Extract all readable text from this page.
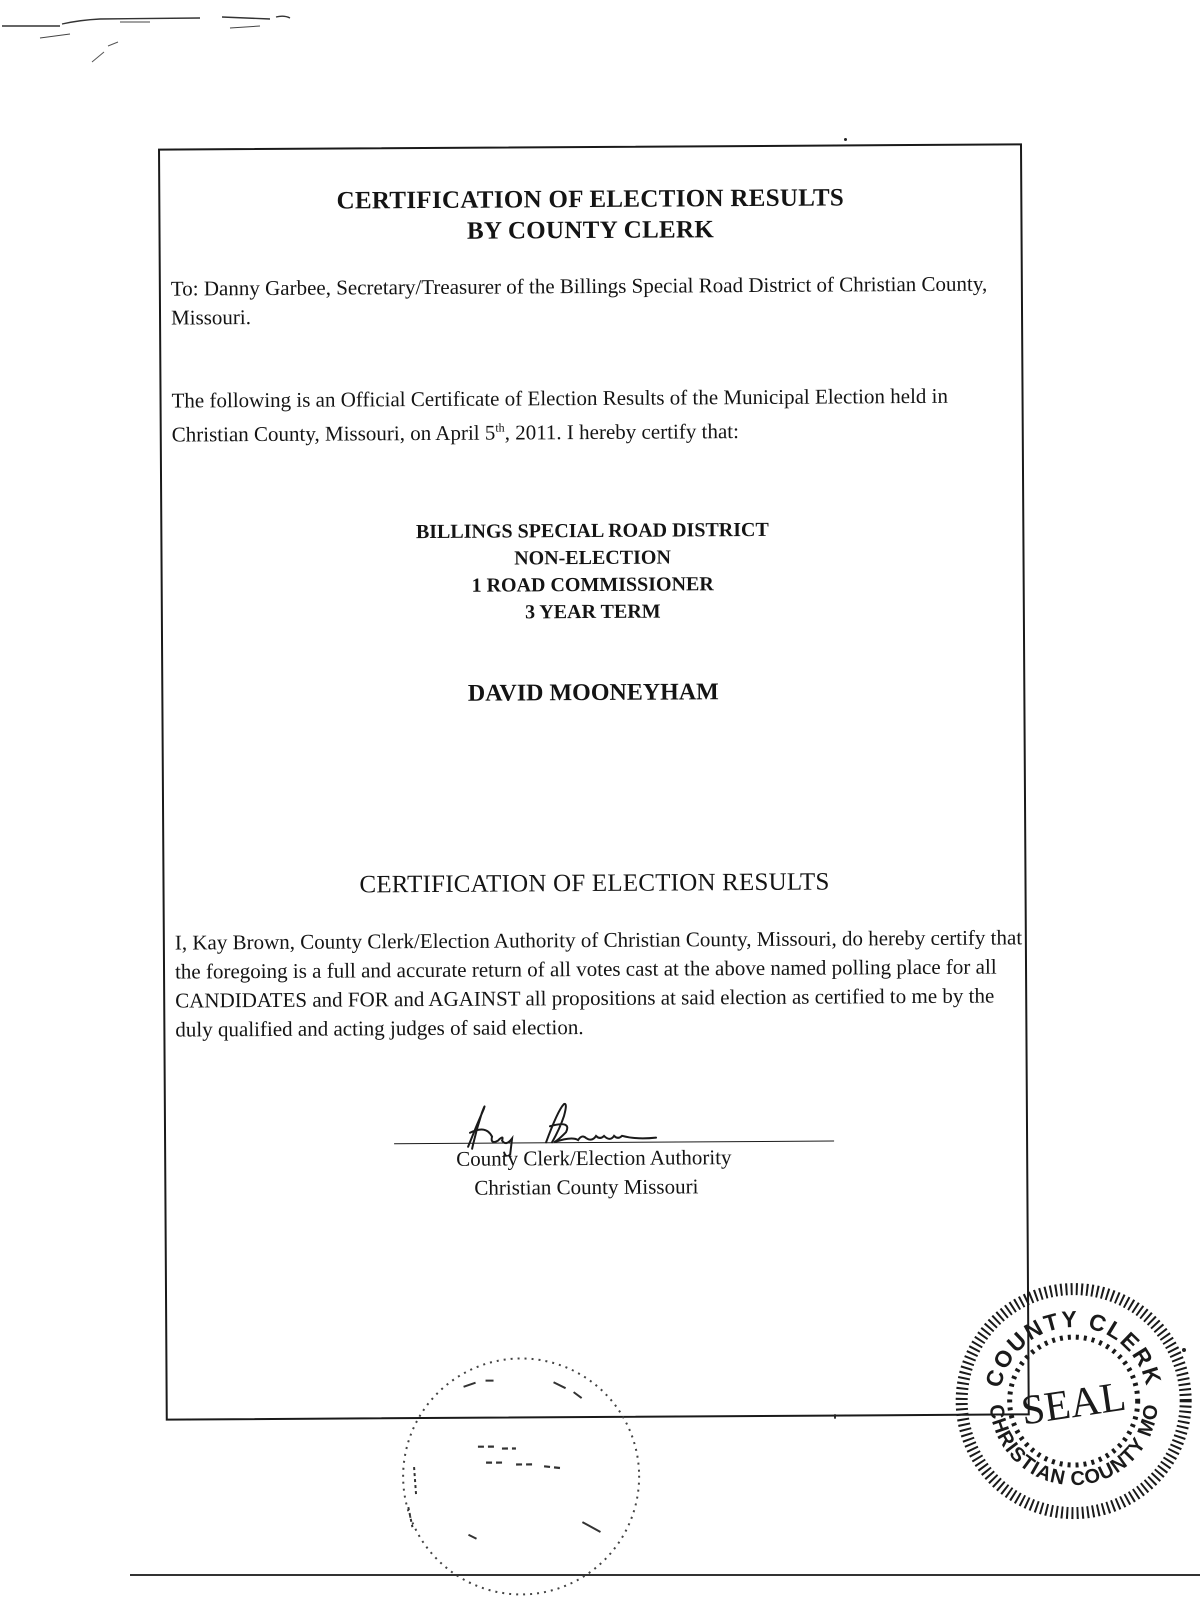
CERTIFICATION OF ELECTION RESULTS
BY COUNTY CLERK
To: Danny Garbee, Secretary/Treasurer of the Billings Special Road District of Christian County, Missouri.
The following is an Official Certificate of Election Results of the Municipal Election held in Christian County, Missouri, on April 5th, 2011. I hereby certify that:
BILLINGS SPECIAL ROAD DISTRICT
NON-ELECTION
1 ROAD COMMISSIONER
3 YEAR TERM
DAVID MOONEYHAM
CERTIFICATION OF ELECTION RESULTS
I, Kay Brown, County Clerk/Election Authority of Christian County, Missouri, do hereby certify that the foregoing is a full and accurate return of all votes cast at the above named polling place for all CANDIDATES and FOR and AGAINST all propositions at said election as certified to me by the duly qualified and acting judges of said election.
County Clerk/Election Authority
Christian County Missouri
COUNTY CLERK
CHRISTIAN COUNTY MO
SEAL
